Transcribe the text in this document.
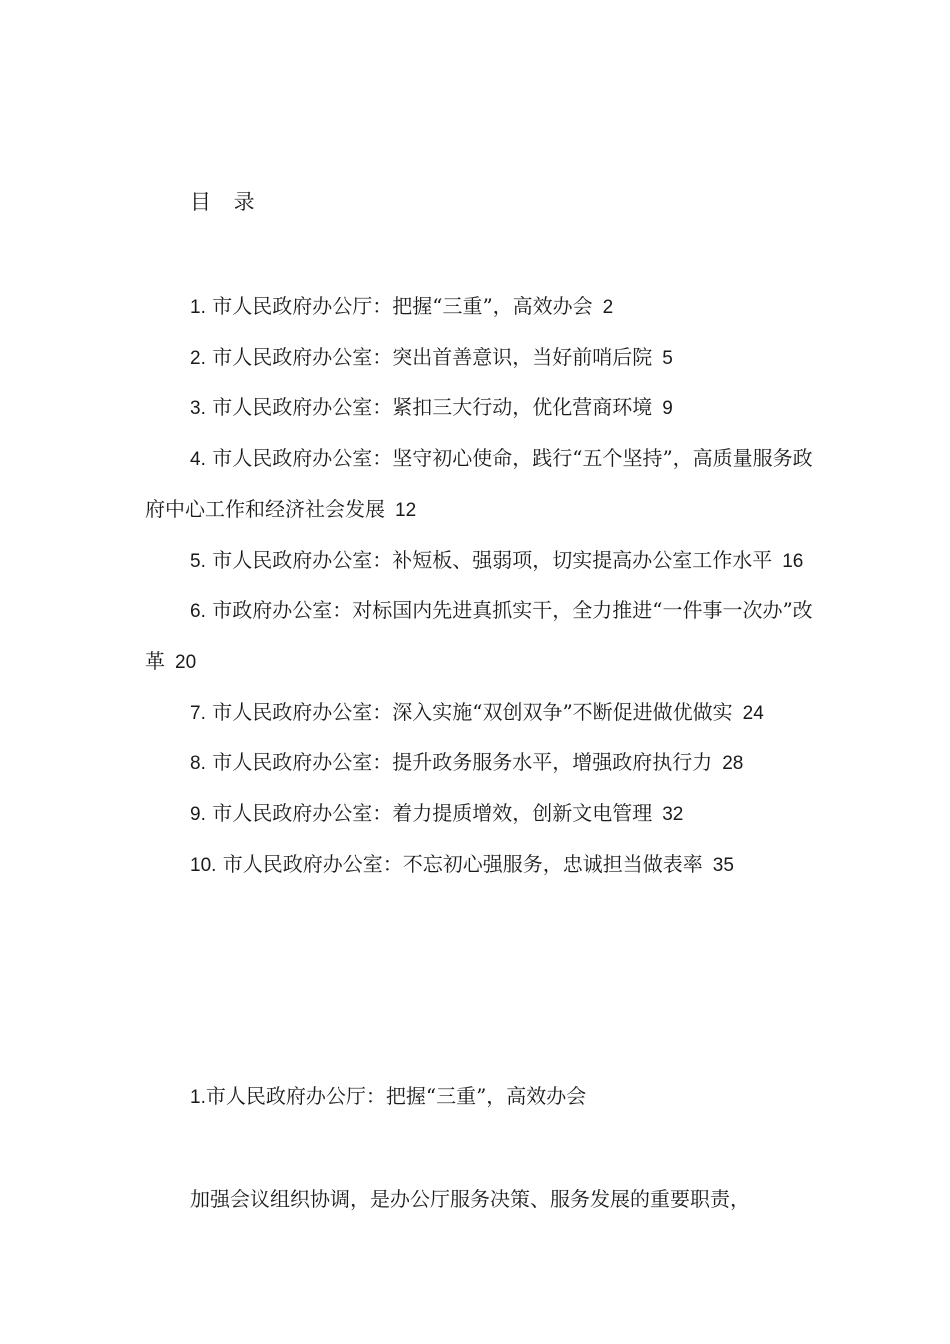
目 录
1. 市人民政府办公厅：把握“三重”，高效办会 2
2. 市人民政府办公室：突出首善意识，当好前哨后院 5
3. 市人民政府办公室：紧扣三大行动，优化营商环境 9
4. 市人民政府办公室：坚守初心使命，践行“五个坚持”，高质量服务政府中心工作和经济社会发展 12
5. 市人民政府办公室：补短板、强弱项，切实提高办公室工作水平 16
6. 市政府办公室：对标国内先进真抓实干，全力推进“一件事一次办”改革 20
7. 市人民政府办公室：深入实施“双创双争”不断促进做优做实 24
8. 市人民政府办公室：提升政务服务水平，增强政府执行力 28
9. 市人民政府办公室：着力提质增效，创新文电管理 32
10. 市人民政府办公室：不忘初心强服务，忠诚担当做表率 35
1.市人民政府办公厅：把握“三重”，高效办会
加强会议组织协调，是办公厅服务决策、服务发展的重要职责，
